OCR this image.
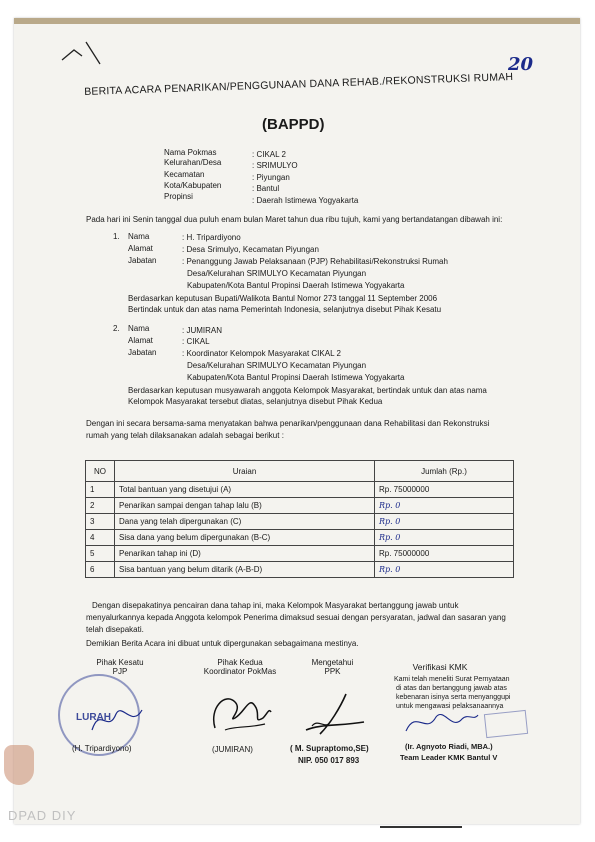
20
BERITA ACARA PENARIKAN/PENGGUNAAN DANA REHAB./REKONSTRUKSI RUMAH
(BAPPD)
Nama Pokmas	: CIKAL 2
Kelurahan/Desa	: SRIMULYO
Kecamatan	: Piyungan
Kota/Kabupaten	: Bantul
Propinsi	: Daerah Istimewa Yogyakarta
Pada hari ini Senin tanggal dua puluh enam bulan Maret tahun dua ribu tujuh, kami yang bertandatangan dibawah ini:
1. Nama	: H. Tripardiyono
Alamat	: Desa Srimulyo, Kecamatan Piyungan
Jabatan	: Penanggung Jawab Pelaksanaan (PJP) Rehabilitasi/Rekonstruksi Rumah
Desa/Kelurahan SRIMULYO Kecamatan Piyungan
Kabupaten/Kota Bantul Propinsi Daerah Istimewa Yogyakarta
Berdasarkan keputusan Bupati/Walikota Bantul Nomor 273 tanggal 11 September 2006
Bertindak untuk dan atas nama Pemerintah Indonesia, selanjutnya disebut Pihak Kesatu
2. Nama	: JUMIRAN
Alamat	: CIKAL
Jabatan	: Koordinator Kelompok Masyarakat CIKAL 2
Desa/Kelurahan SRIMULYO Kecamatan Piyungan
Kabupaten/Kota Bantul Propinsi Daerah Istimewa Yogyakarta
Berdasarkan keputusan musyawarah anggota Kelompok Masyarakat, bertindak untuk dan atas nama
Kelompok Masyarakat tersebut diatas, selanjutnya disebut Pihak Kedua
Dengan ini secara bersama-sama menyatakan bahwa penarikan/penggunaan dana Rehabilitasi dan Rekonstruksi
rumah yang telah dilaksanakan adalah sebagai berikut :
NO	Uraian	Jumlah (Rp.)
1	Total bantuan yang disetujui (A)	Rp. 75000000
2	Penarikan sampai dengan tahap lalu (B)	Rp. 0
3	Dana yang telah dipergunakan (C)	Rp. 0
4	Sisa dana yang belum dipergunakan (B-C)	Rp. 0
5	Penarikan tahap ini (D)	Rp. 75000000
6	Sisa bantuan yang belum ditarik (A-B-D)	Rp. 0
Dengan disepakatinya pencairan dana tahap ini, maka Kelompok Masyarakat bertanggung jawab untuk
menyalurkannya kepada Anggota kelompok Penerima dimaksud sesuai dengan persyaratan, jadwal dan sasaran yang
telah disepakati.
Demikian Berita Acara ini dibuat untuk dipergunakan sebagaimana mestinya.
Pihak Kesatu
PJP
LURAH
(H. Tripardiyono)
Pihak Kedua
Koordinator PokMas
(JUMIRAN)
Mengetahui
PPK
( M. Supraptomo,SE)
NIP. 050 017 893
Verifikasi KMK
Kami telah meneliti Surat Pernyataan
di atas dan bertanggung jawab atas
kebenaran isinya serta menyanggupi
untuk mengawasi pelaksanaannya
(Ir. Agnyoto Riadi, MBA.)
Team Leader KMK Bantul V
DPAD DIY
